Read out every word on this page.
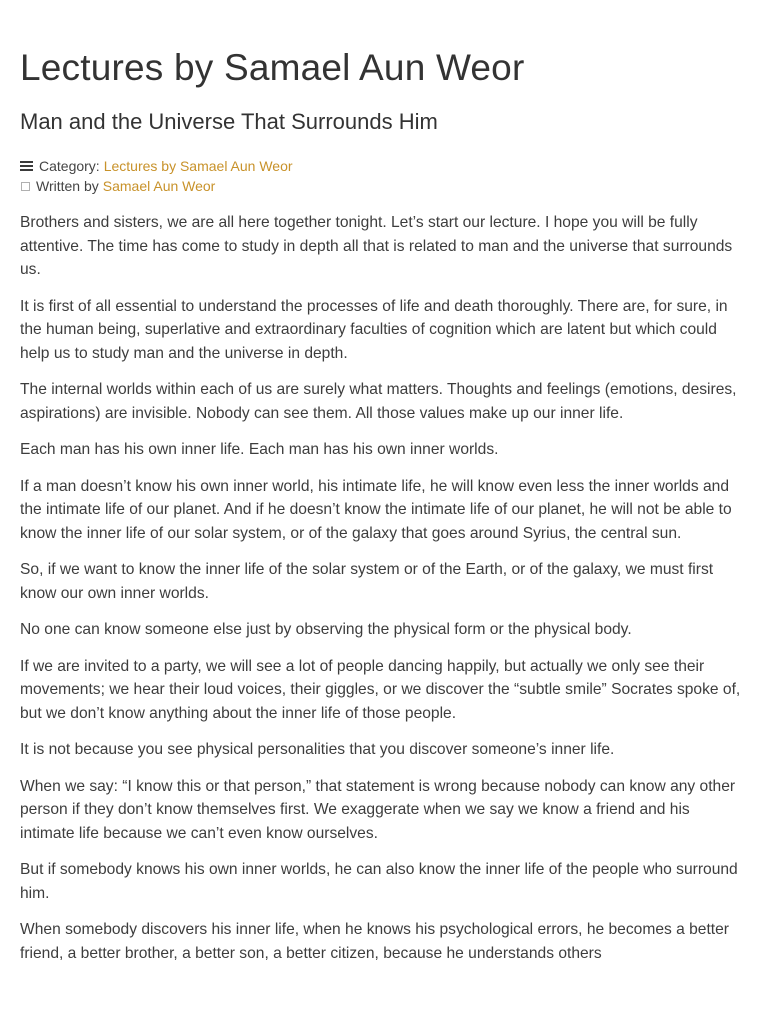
Lectures by Samael Aun Weor
Man and the Universe That Surrounds Him
Category: Lectures by Samael Aun Weor
Written by Samael Aun Weor

Brothers and sisters, we are all here together tonight. Let’s start our lecture. I hope you will be fully attentive. The time has come to study in depth all that is related to man and the universe that surrounds us.

It is first of all essential to understand the processes of life and death thoroughly. There are, for sure, in the human being, superlative and extraordinary faculties of cognition which are latent but which could help us to study man and the universe in depth.

The internal worlds within each of us are surely what matters. Thoughts and feelings (emotions, desires, aspirations) are invisible. Nobody can see them. All those values make up our inner life.

Each man has his own inner life. Each man has his own inner worlds.

If a man doesn’t know his own inner world, his intimate life, he will know even less the inner worlds and the intimate life of our planet. And if he doesn’t know the intimate life of our planet, he will not be able to know the inner life of our solar system, or of the galaxy that goes around Syrius, the central sun.

So, if we want to know the inner life of the solar system or of the Earth, or of the galaxy, we must first know our own inner worlds.

No one can know someone else just by observing the physical form or the physical body.

If we are invited to a party, we will see a lot of people dancing happily, but actually we only see their movements; we hear their loud voices, their giggles, or we discover the “subtle smile” Socrates spoke of, but we don’t know anything about the inner life of those people.

It is not because you see physical personalities that you discover someone’s inner life.

When we say: “I know this or that person,” that statement is wrong because nobody can know any other person if they don’t know themselves first. We exaggerate when we say we know a friend and his intimate life because we can’t even know ourselves.

But if somebody knows his own inner worlds, he can also know the inner life of the people who surround him.

When somebody discovers his inner life, when he knows his psychological errors, he becomes a better friend, a better brother, a better son, a better citizen, because he understands others
